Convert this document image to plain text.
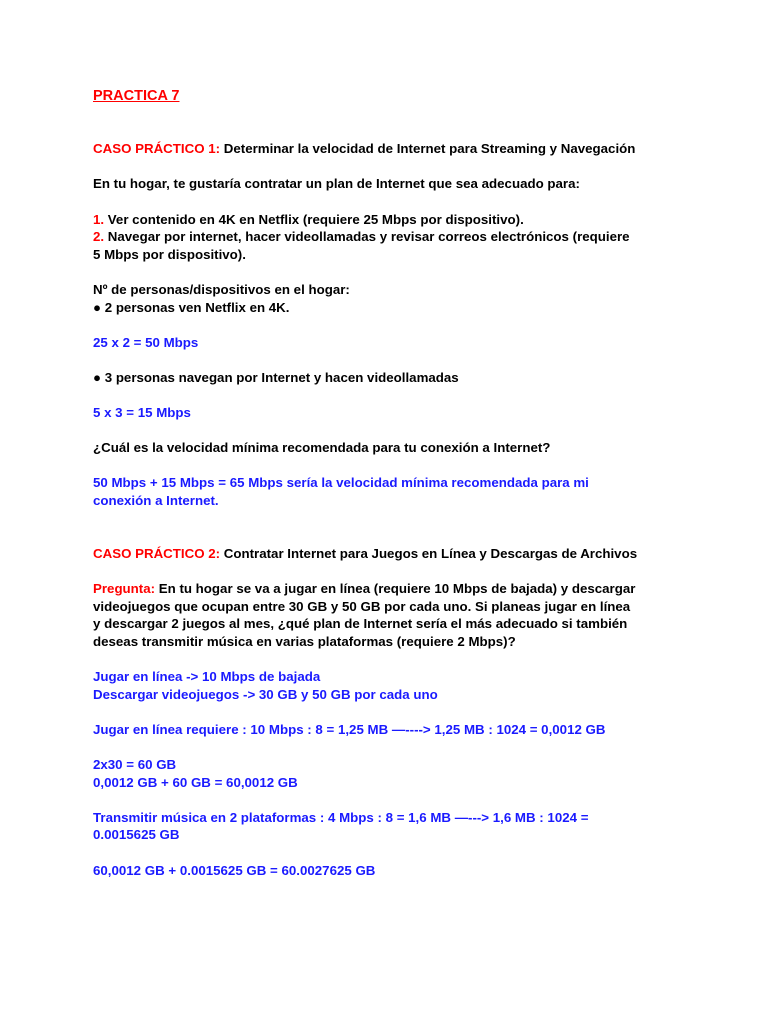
PRACTICA 7
CASO PRÁCTICO 1: Determinar la velocidad de Internet para Streaming y Navegación
En tu hogar, te gustaría contratar un plan de Internet que sea adecuado para:
1. Ver contenido en 4K en Netflix (requiere 25 Mbps por dispositivo).
2. Navegar por internet, hacer videollamadas y revisar correos electrónicos (requiere
5 Mbps por dispositivo).
Nº de personas/dispositivos en el hogar:
● 2 personas ven Netflix en 4K.
25 x 2 = 50 Mbps
● 3 personas navegan por Internet y hacen videollamadas
5 x 3 = 15 Mbps
¿Cuál es la velocidad mínima recomendada para tu conexión a Internet?
50 Mbps + 15 Mbps = 65 Mbps sería la velocidad mínima recomendada para mi
conexión a Internet.
CASO PRÁCTICO 2: Contratar Internet para Juegos en Línea y Descargas de Archivos
Pregunta: En tu hogar se va a jugar en línea (requiere 10 Mbps de bajada) y descargar
videojuegos que ocupan entre 30 GB y 50 GB por cada uno. Si planeas jugar en línea
y descargar 2 juegos al mes, ¿qué plan de Internet sería el más adecuado si también
deseas transmitir música en varias plataformas (requiere 2 Mbps)?
Jugar en línea -> 10 Mbps de bajada
Descargar videojuegos -> 30 GB y 50 GB por cada uno
Jugar en línea requiere : 10 Mbps : 8 = 1,25 MB —----> 1,25 MB : 1024 = 0,0012 GB
2x30 = 60 GB
0,0012 GB + 60 GB = 60,0012 GB
Transmitir música en 2 plataformas : 4 Mbps : 8 = 1,6 MB —---> 1,6 MB : 1024 =
0.0015625 GB
60,0012 GB + 0.0015625 GB = 60.0027625 GB
